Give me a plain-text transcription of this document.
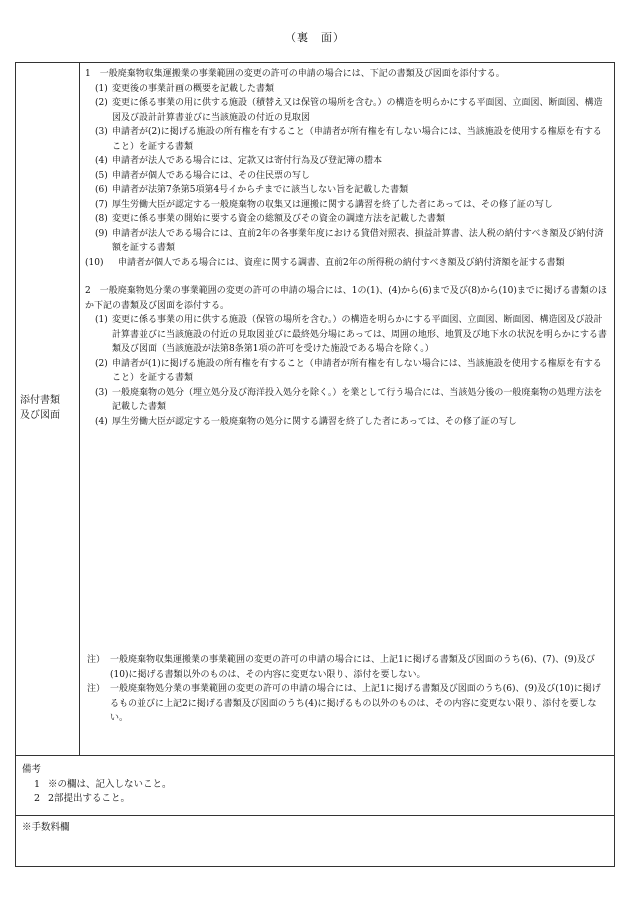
（裏　面）
添付書類
及び図面

1　一般廃棄物収集運搬業の事業範囲の変更の許可の申請の場合には、下記の書類及び図面を添付する。

(1) 変更後の事業計画の概要を記載した書類
(2) 変更に係る事業の用に供する施設（積替え又は保管の場所を含む。）の構造を明らかにする平面図、立面図、断面図、構造図及び設計計算書並びに当該施設の付近の見取図
(3) 申請者が(2)に掲げる施設の所有権を有すること（申請者が所有権を有しない場合には、当該施設を使用する権原を有すること）を証する書類
(4) 申請者が法人である場合には、定款又は寄付行為及び登記簿の謄本
(5) 申請者が個人である場合には、その住民票の写し
(6) 申請者が法第7条第5項第4号イからチまでに該当しない旨を記載した書類
(7) 厚生労働大臣が認定する一般廃棄物の収集又は運搬に関する講習を終了した者にあっては、その修了証の写し
(8) 変更に係る事業の開始に要する資金の総額及びその資金の調達方法を記載した書類
(9) 申請者が法人である場合には、直前2年の各事業年度における貸借対照表、損益計算書、法人税の納付すべき額及び納付済額を証する書類
(10) 申請者が個人である場合には、資産に関する調書、直前2年の所得税の納付すべき額及び納付済額を証する書類

2　一般廃棄物処分業の事業範囲の変更の許可の申請の場合には、1の(1)、(4)から(6)まで及び(8)から(10)までに掲げる書類のほか下記の書類及び図面を添付する。

(1) 変更に係る事業の用に供する施設（保管の場所を含む。）の構造を明らかにする平面図、立面図、断面図、構造図及び設計計算書並びに当該施設の付近の見取図並びに最終処分場にあっては、周囲の地形、地質及び地下水の状況を明らかにする書類及び図面（当該施設が法第8条第1項の許可を受けた施設である場合を除く。）
(2) 申請者が(1)に掲げる施設の所有権を有すること（申請者が所有権を有しない場合には、当該施設を使用する権原を有すること）を証する書類
(3) 一般廃棄物の処分（埋立処分及び海洋投入処分を除く。）を業として行う場合には、当該処分後の一般廃棄物の処理方法を記載した書類
(4) 厚生労働大臣が認定する一般廃棄物の処分に関する講習を終了した者にあっては、その修了証の写し
注） 一般廃棄物収集運搬業の事業範囲の変更の許可の申請の場合には、上記1に掲げる書類及び図面のうち(6)、(7)、(9)及び(10)に掲げる書類以外のものは、その内容に変更ない限り、添付を要しない。
注） 一般廃棄物処分業の事業範囲の変更の許可の申請の場合には、上記1に掲げる書類及び図面のうち(6)、(9)及び(10)に掲げるもの並びに上記2に掲げる書類及び図面のうち(4)に掲げるもの以外のものは、その内容に変更ない限り、添付を要しない。
備考
1 ※の欄は、記入しないこと。
2 2部提出すること。
※手数料欄
